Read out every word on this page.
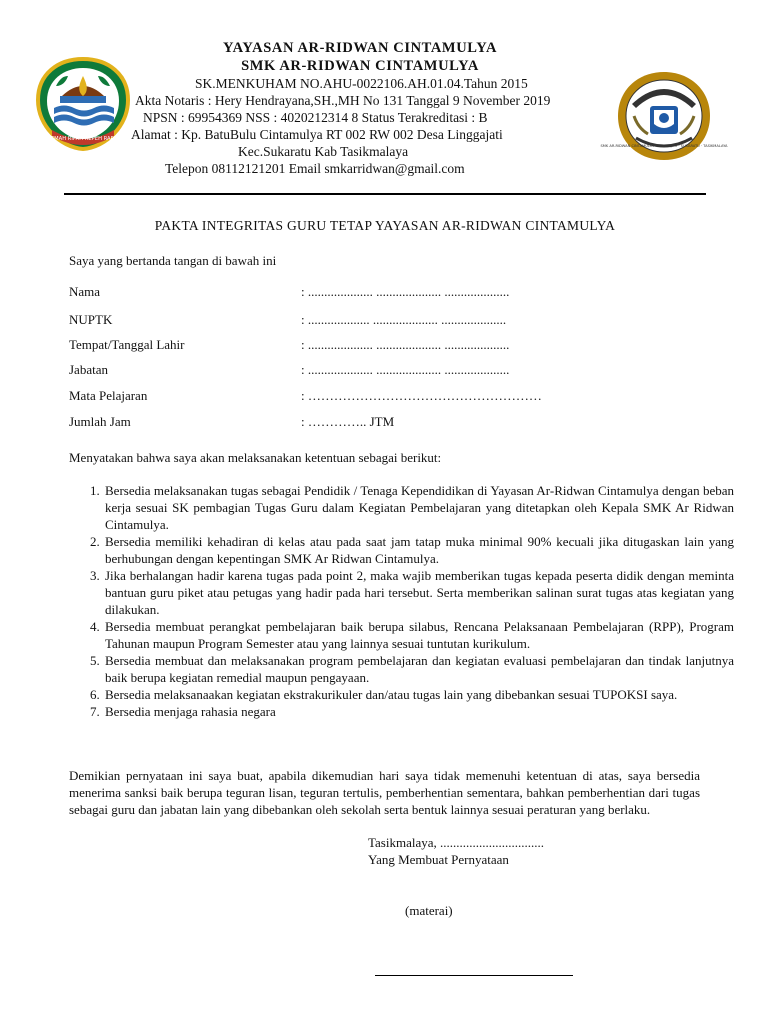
GEMAH RIPAH REPEH RAPIH
SMK AR-RIDWAN CINTAMULYA · LINGGAJATI · SUKARATU · TASIKMALAYA
YAYASAN AR-RIDWAN CINTAMULYA
SMK AR-RIDWAN CINTAMULYA
SK.MENKUHAM NO.AHU-0022106.AH.01.04.Tahun 2015
Akta Notaris : Hery Hendrayana,SH.,MH No 131 Tanggal 9 November 2019
NPSN : 69954369 NSS : 4020212314 8 Status Terakreditasi : B
Alamat : Kp. BatuBulu Cintamulya RT 002 RW 002 Desa Linggajati
Kec.Sukaratu Kab Tasikmalaya
Telepon 08112121201 Email smkarridwan@gmail.com
PAKTA INTEGRITAS GURU TETAP YAYASAN AR-RIDWAN CINTAMULYA
Saya yang bertanda tangan di bawah ini
Nama	: .................... .................... ....................
NUPTK	: ................... .................... ....................
Tempat/Tanggal Lahir	: .................... .................... ....................
Jabatan	: .................... .................... ....................
Mata Pelajaran	: ………………………………………………
Jumlah Jam	: ………….. JTM
Menyatakan bahwa saya akan melaksanakan ketentuan sebagai berikut:
1. Bersedia melaksanakan tugas sebagai Pendidik / Tenaga Kependidikan di Yayasan Ar-Ridwan Cintamulya dengan beban kerja sesuai SK pembagian Tugas Guru dalam Kegiatan Pembelajaran yang ditetapkan oleh Kepala SMK Ar Ridwan Cintamulya.
2. Bersedia memiliki kehadiran di kelas atau pada saat jam tatap muka minimal 90% kecuali jika ditugaskan lain yang berhubungan dengan kepentingan SMK Ar Ridwan Cintamulya.
3. Jika berhalangan hadir karena tugas pada point 2, maka wajib memberikan tugas kepada peserta didik dengan meminta bantuan guru piket atau petugas yang hadir pada hari tersebut. Serta memberikan salinan surat tugas atas kegiatan yang dilakukan.
4. Bersedia membuat perangkat pembelajaran baik berupa silabus, Rencana Pelaksanaan Pembelajaran (RPP), Program Tahunan maupun Program Semester atau yang lainnya sesuai tuntutan kurikulum.
5. Bersedia membuat dan melaksanakan program pembelajaran dan kegiatan evaluasi pembelajaran dan tindak lanjutnya baik berupa kegiatan remedial maupun pengayaan.
6. Bersedia melaksanaakan kegiatan ekstrakurikuler dan/atau tugas lain yang dibebankan sesuai TUPOKSI saya.
7. Bersedia menjaga rahasia negara
Demikian pernyataan ini saya buat, apabila dikemudian hari saya tidak memenuhi ketentuan di atas, saya bersedia menerima sanksi baik berupa teguran lisan, teguran tertulis, pemberhentian sementara, bahkan pemberhentian dari tugas sebagai guru dan jabatan lain yang dibebankan oleh sekolah serta bentuk lainnya sesuai peraturan yang berlaku.
Tasikmalaya, ................................
Yang Membuat Pernyataan
(materai)
